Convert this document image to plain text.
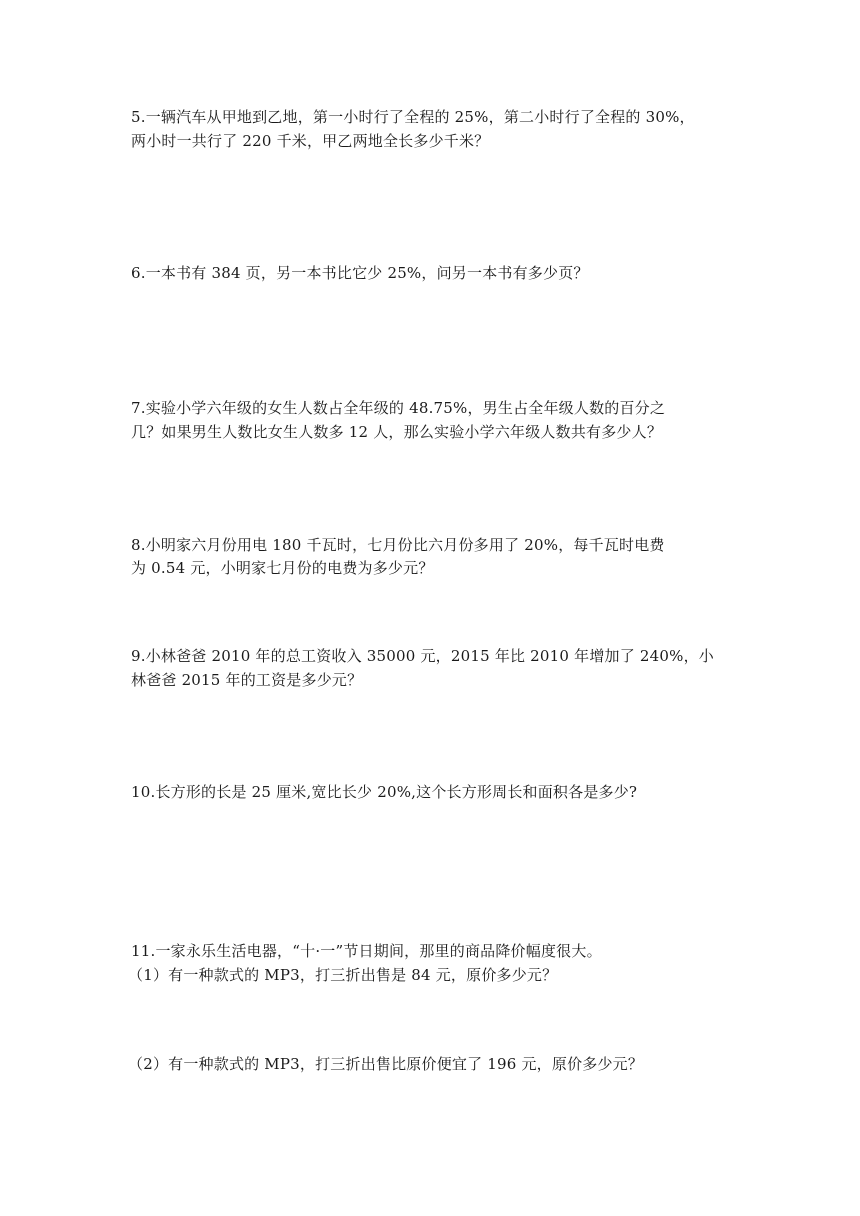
5.一辆汽车从甲地到乙地，第一小时行了全程的 25%，第二小时行了全程的 30%，
两小时一共行了 220 千米，甲乙两地全长多少千米？
6.一本书有 384 页，另一本书比它少 25%，问另一本书有多少页？
7.实验小学六年级的女生人数占全年级的 48.75%，男生占全年级人数的百分之
几？如果男生人数比女生人数多 12 人，那么实验小学六年级人数共有多少人？
8.小明家六月份用电 180 千瓦时，七月份比六月份多用了 20%，每千瓦时电费
为 0.54 元，小明家七月份的电费为多少元？
9.小林爸爸 2010 年的总工资收入 35000 元，2015 年比 2010 年增加了 240%，小
林爸爸 2015 年的工资是多少元？
10.长方形的长是 25 厘米,宽比长少 20%,这个长方形周长和面积各是多少?
11.一家永乐生活电器，“十·一”节日期间，那里的商品降价幅度很大。
（1）有一种款式的 MP3，打三折出售是 84 元，原价多少元？
（2）有一种款式的 MP3，打三折出售比原价便宜了 196 元，原价多少元？
